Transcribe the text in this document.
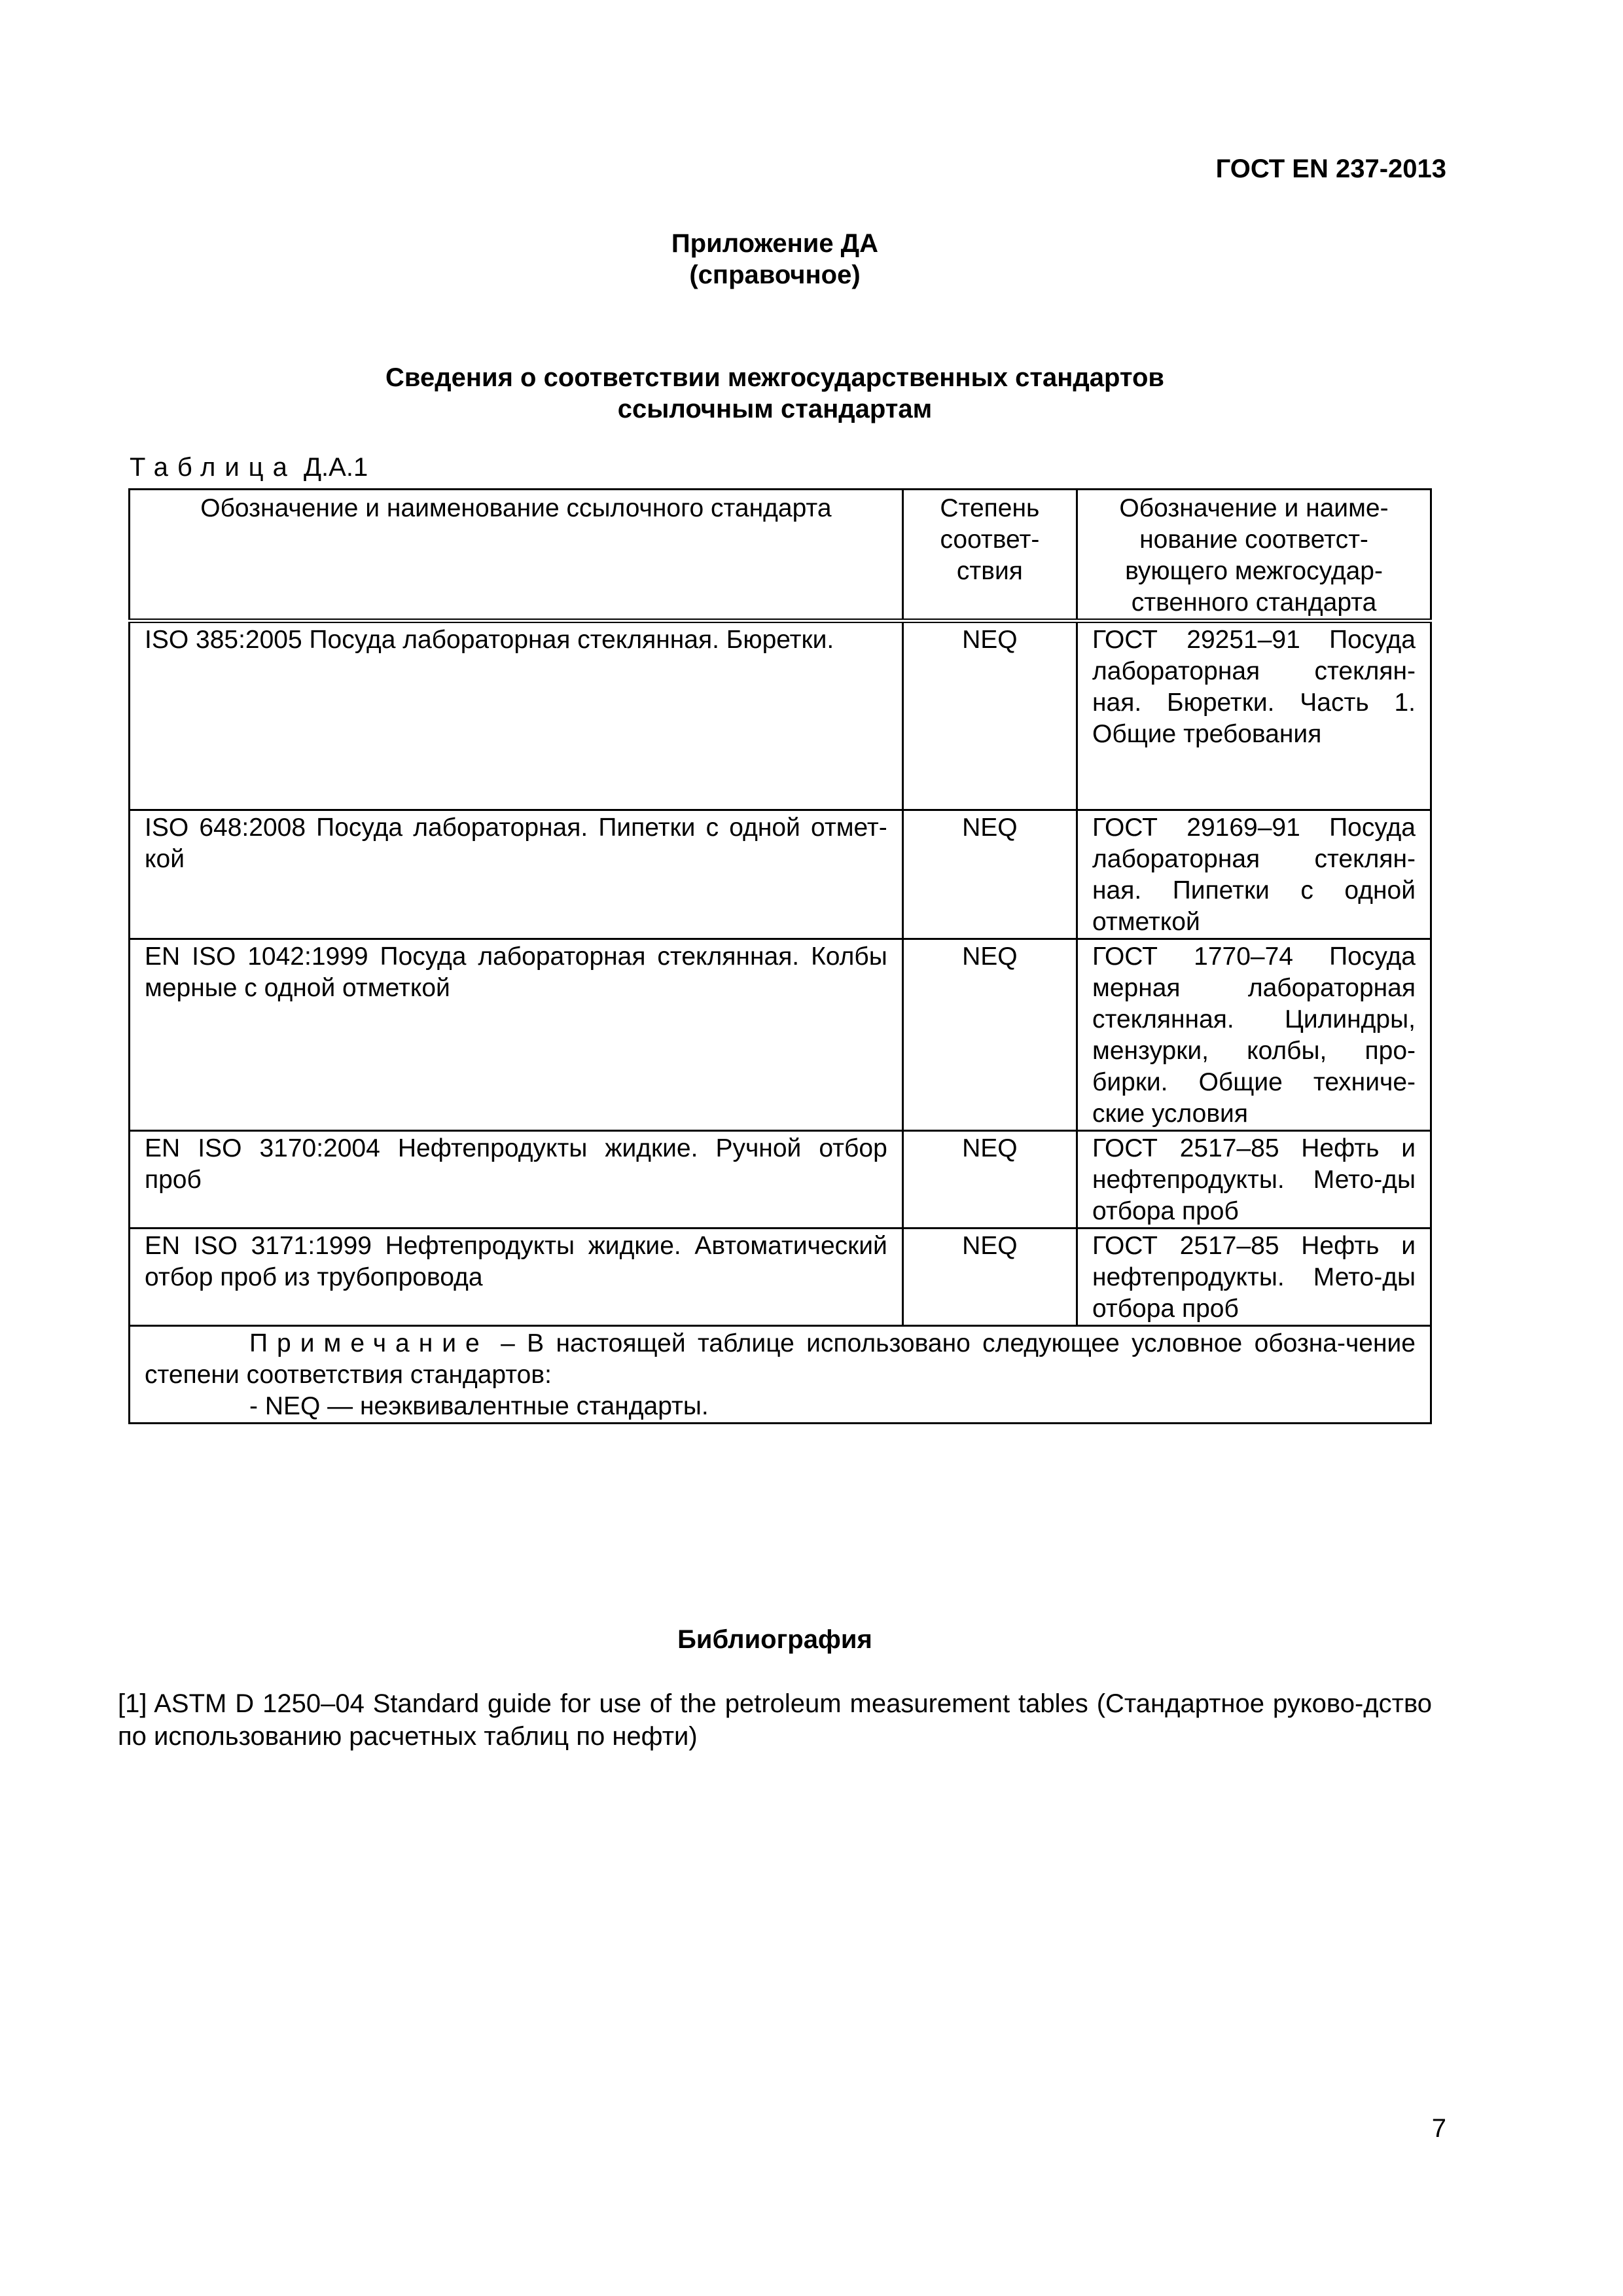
ГОСТ EN 237-2013
Приложение ДА
(справочное)
Сведения о соответствии межгосударственных стандартов
ссылочным стандартам
Таблица Д.А.1
Обозначение и наименование ссылочного стандарта	Степень соответ-ствия	Обозначение и наиме-нование соответст-вующего межгосудар-ственного стандарта
ISO 385:2005 Посуда лабораторная стеклянная. Бюретки.	NEQ	ГОСТ 29251–91 Посуда лабораторная стеклян-ная. Бюретки. Часть 1. Общие требования
ISO 648:2008 Посуда лабораторная. Пипетки с одной отмет-кой	NEQ	ГОСТ 29169–91 Посуда лабораторная стеклян-ная. Пипетки с одной отметкой
EN ISO 1042:1999 Посуда лабораторная стеклянная. Колбы мерные с одной отметкой	NEQ	ГОСТ 1770–74 Посуда мерная лабораторная стеклянная. Цилиндры, мензурки, колбы, про-бирки. Общие техниче-ские условия
EN ISO 3170:2004 Нефтепродукты жидкие. Ручной отбор проб	NEQ	ГОСТ 2517–85 Нефть и нефтепродукты. Мето-ды отбора проб
EN ISO 3171:1999 Нефтепродукты жидкие. Автоматический отбор проб из трубопровода	NEQ	ГОСТ 2517–85 Нефть и нефтепродукты. Мето-ды отбора проб

Примечание – В настоящей таблице использовано следующее условное обозна-чение степени соответствия стандартов:
- NEQ — неэквивалентные стандарты.		
Библиография
[1] ASTM D 1250–04 Standard guide for use of the petroleum measurement tables (Стандартное руково-дство по использованию расчетных таблиц по нефти)
7
